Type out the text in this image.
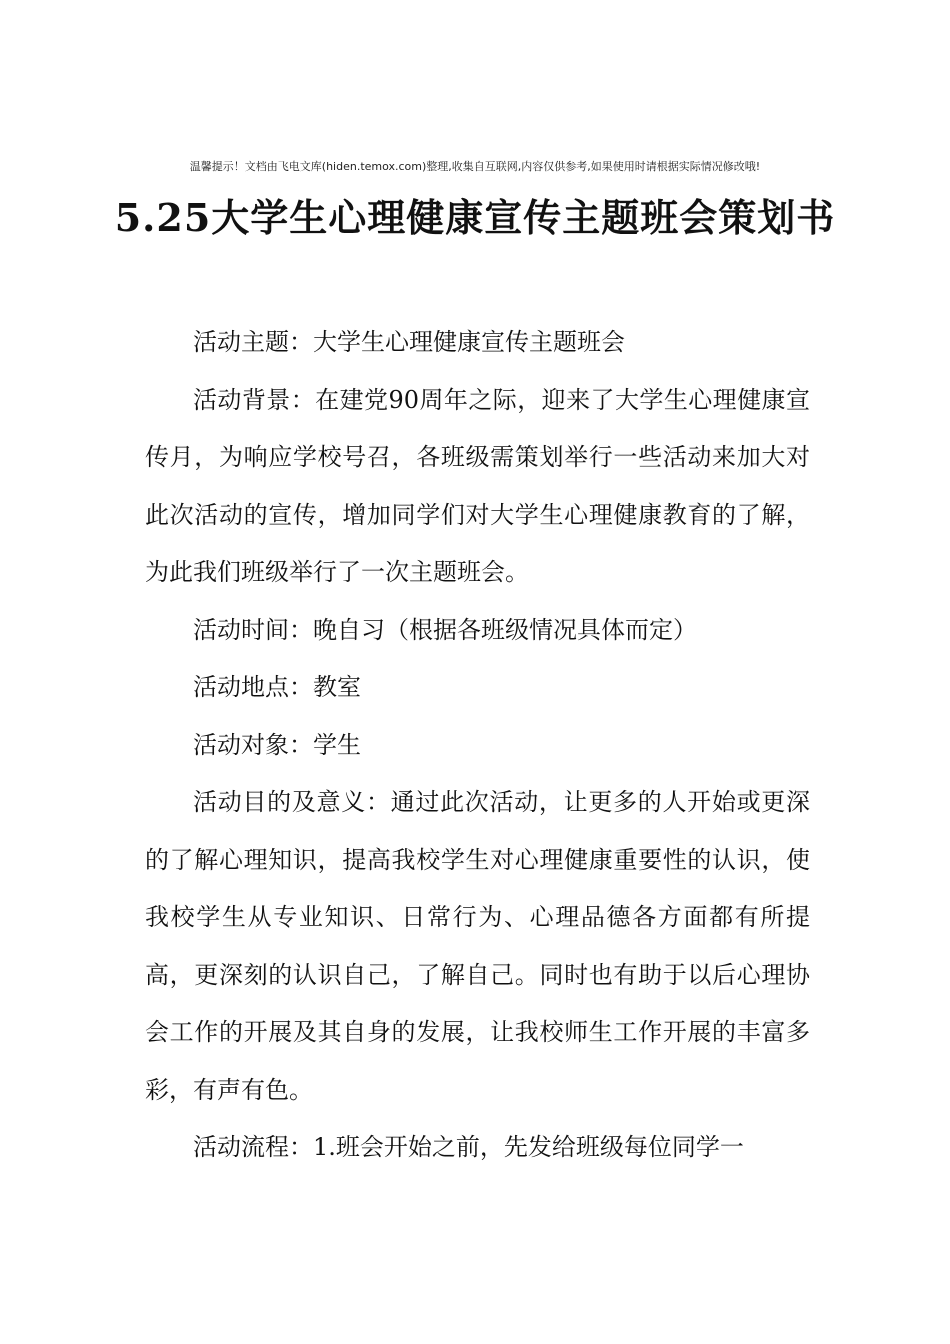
温馨提示！文档由飞电文库(hiden.temox.com)整理,收集自互联网,内容仅供参考,如果使用时请根据实际情况修改哦!
5.25大学生心理健康宣传主题班会策划书

活动主题：大学生心理健康宣传主题班会

活动背景：在建党90周年之际，迎来了大学生心理健康宣传月，为响应学校号召，各班级需策划举行一些活动来加大对此次活动的宣传，增加同学们对大学生心理健康教育的了解，为此我们班级举行了一次主题班会。

活动时间：晚自习（根据各班级情况具体而定）

活动地点：教室

活动对象：学生

活动目的及意义：通过此次活动，让更多的人开始或更深的了解心理知识，提高我校学生对心理健康重要性的认识，使我校学生从专业知识、日常行为、心理品德各方面都有所提高，更深刻的认识自己，了解自己。同时也有助于以后心理协会工作的开展及其自身的发展，让我校师生工作开展的丰富多彩，有声有色。

活动流程：1.班会开始之前，先发给班级每位同学一
